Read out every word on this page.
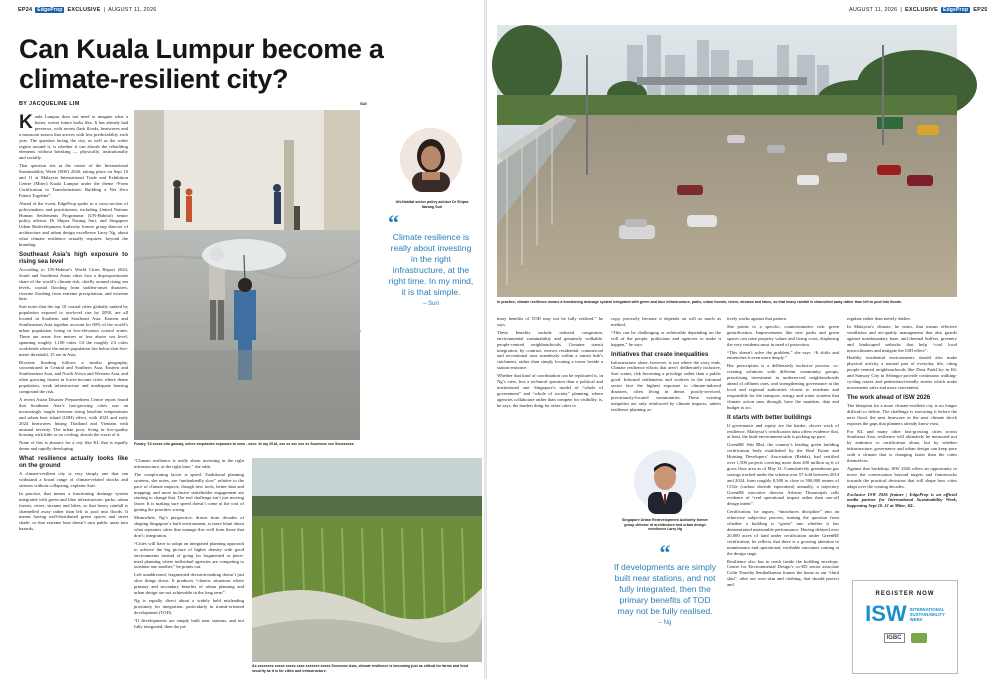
EP24	EdgeProp EXCLUSIVE | AUGUST 11, 2026
Can Kuala Lumpur become a climate-resilient city?
BY JACQUELINE LIM	SUI

Kuala Lumpur does not need to imagine what a hotter, wetter future looks like. It has already had previews, with recent flash floods, heatwaves and a monsoon season that arrives with less predictability each year. The question facing the city, as well as the wider region around it, is whether it can absorb the rebuilding elements without breaking — physically, institutionally and socially.

That question sits at the centre of the International Sustainability Week (ISW) 2026, taking place on Sept 10 and 11 at Malaysia International Trade and Exhibition Centre (Mitec) Kuala Lumpur under the theme “From Certification to Transformation: Building a Net Zero Future Together”.

Ahead of the event, EdgeProp spoke to a cross-section of policymakers and practitioners, including United Nations Human Settlements Programme (UN-Habitat) senior policy advisor Dr Shipra Narang Suri, and Singapore Urban Redevelopment Authority former group director of architecture and urban design excellence Larry Ng, about what climate resilience actually requires, beyond the branding.

Southeast Asia’s high exposure to rising sea level

According to UN-Habitat’s World Cities Report 2024, South and Southeast Asian cities face a disproportionate share of the world’s climate risk, chiefly around rising sea levels, coastal flooding from sudden-onset disasters, riverine flooding from extreme precipitation, and extreme heat.

Suri notes that the top 10 coastal cities globally ranked by population exposed to sea-level rise by 2050, are all located in Southern and Southeast Asia. Eastern and Southeastern Asia together account for 60% of the world’s urban population living in low-elevation coastal zones. These are areas five metres or less above sea level, spanning roughly 1,100 cities. Of the roughly 2.5 cities worldwide where the entire population lies below that five-metre threshold, 15 are in Asia.

Riverine flooding follows a similar geography, concentrated in Central and Southern Asia, Eastern and Southeastern Asia, and North Africa and Western Asia, and often growing fastest in lower-income cities where dense population, weak infrastructure and inadequate housing compound the risk.

A recent Asian Disaster Preparedness Centre report found that Southeast Asia’s fast-growing cities saw an increasingly taught between rising baseline temperatures and urban heat island (UHI) effect, with 2023 and early 2024 heatwaves hitting Thailand and Vietnam with unusual severity. The urban poor, living in low-quality housing with little or no cooling, absorb the worst of it.

None of this is abstract for a city like KL that is equally dense and rapidly developing.

What resilience actually looks like on the ground

A climate-resilient city is very simply one that can withstand a broad range of climate-related shocks and stresses without collapsing, explains Suri.

In practice, that means a functioning drainage system integrated with green and blue infrastructure, parks, urban forests, rivers, streams and lakes, so that heavy rainfall is channelled away rather than left to pool into floods. It means having well-distributed green spaces and street shade, so that extreme heat doesn’t turn public areas into hazards.

Fuvary '10 xxxxx citu gaxuay, xxhex xxcpaxdex exposure to xxxs - xoec. th ray 2018, xxx xx xxc xxx xx Souessxs xxx Souessxes
UN-Habitat senior policy advisor Dr Shipra Narang Suri
“
Climate resilience is really about investing in the right infrastructure, at the right time. In my mind, it is that simple.
– Suri

“Climate resilience is really about investing in the right infrastructure, at the right time,” she adds.

The complicating factor is speed. Traditional planning systems, she notes, are “undoubtedly slow” relative to the pace of climate impacts, though new tools, better data and mapping, and more inclusive stakeholder engagement are starting to change that. The real challenge isn’t just moving faster. It is making sure speed doesn’t come at the cost of getting the priorities wrong.

Meanwhile, Ng’s perspective, drawn from decades of shaping Singapore’s built environment, is more blunt about what separates cities that manage this well from those that don’t: integration.

“Cities will have to adopt an integrated planning approach to achieve the big picture of higher density with good environments instead of going for fragmented or piece-meal planning where individual agencies are competing to outshine one another,” he points out.

Left unaddressed, fragmented decision-making doesn’t just slow things down. It produces “chaotic situations where primary and secondary benefits of urban planning and urban design are not achievable in the long term”.

Ng is equally direct about a widely held misleading proximity for integration, particularly in transit-oriented development (TOD).

“If developments are simply built near stations, and not fully integrated, then the pri-

As xxxxxxes xxxxx xxxxx xxxs xxxxxxx xxxxx Sxxxxxxx Asia, climate resilience is becoming just as critical for farms and food security as it is for cities and infrastructure.
AUGUST 11, 2026 | EXCLUSIVE	EdgeProp EP25
In practice, climate resilience means a functioning drainage system integrated with green and blue infrastructure, parks, urban forests, rivers, streams and lakes, so that heavy rainfall is channelled away rather than left to pool into floods.

mary benefits of TOD may not be fully realised,” he says.

These benefits include reduced congestion, environmental sustainability and genuinely walkable, people-centred neighbourhoods. Genuine transit integration, by contrast, weaves residential, commercial and recreational uses seamlessly within a transit hub’s catchment, rather than simply locating a tower beside a station entrance.

Whether that kind of coordination can be replicated is, in Ng’s view, less a technical question than a political and institutional one. Singapore’s model of “whole of government” and “whole of society” planning, where agencies collaborate rather than compete for visibility, is, he says, the hardest thing for other cities to

copy, precisely because it depends on will as much as method.

“This can be challenging or achievable depending on the will of the people, politicians and agencies to make it happen,” he says.

Initiatives that create inequalities

Infrastructure alone, however, is not where the story ends. Climate resilience efforts that aren’t deliberately inclusive, Suri warns, risk becoming a privilege rather than a public good. Informal settlements and workers in the informal sector face the highest exposure to climate-induced disasters, often living in dense, poorly-serviced, precariously-located communities. These existing inequities are only reinforced by climate impacts, unless resilience planning ac-

Singapore Urban Redevelopment Authority former group director of architecture and urban design excellence Larry Ng
“
If developments are simply built near stations, and not fully integrated, then the primary benefits of TOD may not be fully realised.
– Ng

tively works against that pattern.

She points to a specific, counterintuitive risk: green gentrification. Improvements like new parks and green spaces can raise property values and living costs, displacing the very residents most in need of protection.

“This doesn’t solve the problem,” she says. “It shifts and entrenches it even more deeply.”

Her prescription is a deliberately inclusive process: co-creating solutions with different community groups, prioritising investment in underserved neighbourhoods ahead of affluent ones, and strengthening governance at the local and regional authorities closest to residents and responsible for the transport, energy and water systems that climate action runs through, have the mandate, data and budget to act.

It starts with better buildings

If governance and equity are the harder, slower work of resilience, Malaysia’s certification data offers evidence that, at least, the built-environment side is picking up pace.

GreenRE Sdn Bhd, the country’s leading green building certification body established by the Real Estate and Housing Developers’ Association (Rehda), had certified over 1,500 projects covering more than 200 million sq ft of gross floor area as of May 31. Cumulatively greenhouse gas savings tracked under the scheme rose 57-fold between 2014 and 2024, from roughly 8,500 to close to 500,000 tonnes of CO2e (carbon dioxide equivalent) annually, a trajectory GreenRE executive director Ashwin Thurairajah calls evidence of “real operational impact rather than one-off design intent”.

Certification, he argues, “introduces discipline” into an otherwise subjective process, turning the question from whether a building is “green” into whether it has demonstrated measurable performance. Having delayed over 20,000 acres of land under certification under GreenRE certification, he reflects that there is a growing attention to maintenance and operational, verifiable outcomes coming at the design stage.

Resilience also has to reach inside the building envelope. Centre for Environmental Design’s co-ED senior associate Colin Timothy Senthalkumar frames the home as our “third skin”, after our own skin and clothing, that should protect and

regulate rather than merely shelter.

In Malaysia’s climate, he notes, that means effective ventilation and air-quality management that also guards against transboundary haze, and thermal buffers, greenery and landscaped setbacks that help “cool local microclimates and mitigate the UHI effect”.

Healthy residential environments should also make physical activity a natural part of everyday life, citing people-centred neighbourhoods like Desa ParkCity in KL and Sunway City in Selangor provide continuous walking-cycling routes and pedestrian-friendly streets which make movements safer and more convenient.

The work ahead of ISW 2026

The blueprint for a more climate-resilient city is no longer difficult to define. The challenge is executing it before the next flood, the next heatwave or the next climate shock exposes the gaps that planners already know exist.

For KL and many other fast-growing cities across Southeast Asia, resilience will ultimately be measured not by ambition or certification alone, but by whether infrastructure, governance and urban design can keep pace with a climate that is changing faster than the cities themselves.

Against that backdrop, ISW 2026 offers an opportunity to move the conversation beyond targets and frameworks towards the practical decisions that will shape how cities adapt over the coming decades.

Exclusive ISW 2026 feature | EdgeProp is an official media partner for International Sustainability Week, happening Sept 10–11 at Mitec, KL.

REGISTER NOW
ISW INTERNATIONAL
SUSTAINABILITY
WEEK
IGBC
